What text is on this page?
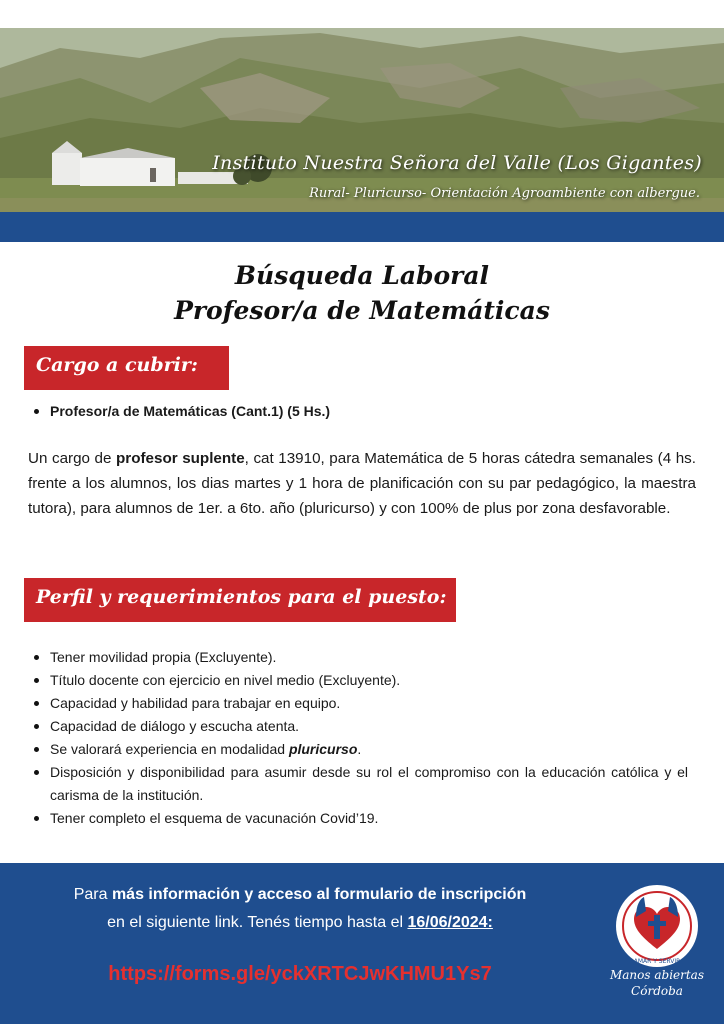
Instituto Nuestra Señora del Valle (Los Gigantes)
Rural- Pluricurso- Orientación Agroambiente con albergue.
Búsqueda Laboral
Profesor/a de Matemáticas
Cargo a cubrir:
Profesor/a de Matemáticas (Cant.1) (5 Hs.)

Un cargo de profesor suplente, cat 13910, para Matemática de 5 horas cátedra semanales (4 hs. frente a los alumnos, los dias martes y 1 hora de planificación con su par pedagógico, la maestra tutora), para alumnos de 1er. a 6to. año (pluricurso) y con 100% de plus por zona desfavorable.

Perfil y requerimientos para el puesto:
Tener movilidad propia (Excluyente).
Título docente con ejercicio en nivel medio (Excluyente).
Capacidad y habilidad para trabajar en equipo.
Capacidad de diálogo y escucha atenta.
Se valorará experiencia en modalidad pluricurso.
Disposición y disponibilidad para asumir desde su rol el compromiso con la educación católica y el carisma de la institución.
Tener completo el esquema de vacunación Covid’19.
Para más información y acceso al formulario de inscripción
en el siguiente link. Tenés tiempo hasta el 16/06/2024:
https://forms.gle/yckXRTCJwKHMU1Ys7
AMAR Y SERVIR
Manos abiertas
Córdoba
